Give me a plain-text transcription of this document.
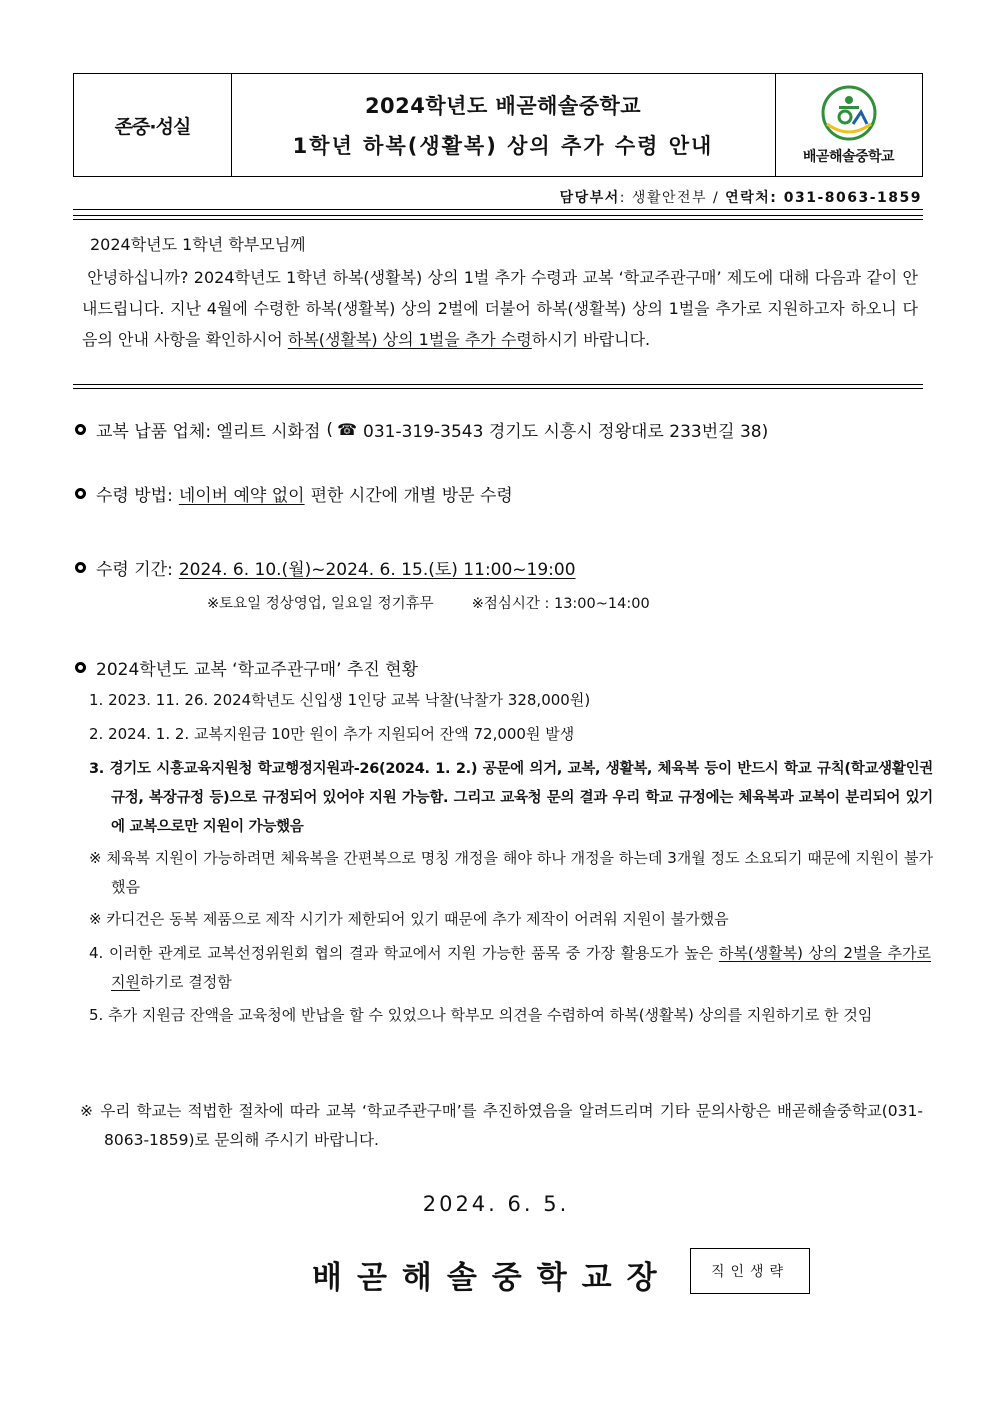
존중·성실
2024학년도 배곧해솔중학교
1학년 하복(생활복) 상의 추가 수령 안내	배곧해솔중학교
담당부서: 생활안전부 / 연락처: 031-8063-1859
2024학년도 1학년 학부모님께
안녕하십니까? 2024학년도 1학년 하복(생활복) 상의 1벌 추가 수령과 교복 ‘학교주관구매’ 제도에 대해 다음과 같이 안내드립니다. 지난 4월에 수령한 하복(생활복) 상의 2벌에 더불어 하복(생활복) 상의 1벌을 추가로 지원하고자 하오니 다음의 안내 사항을 확인하시어 하복(생활복) 상의 1벌을 추가 수령하시기 바랍니다.
교복 납품 업체: 엘리트 시화점 ( ☎ 031-319-3543 경기도 시흥시 정왕대로 233번길 38)
수령 방법: 네이버 예약 없이 편한 시간에 개별 방문 수령
수령 기간: 2024. 6. 10.(월)~2024. 6. 15.(토) 11:00~19:00
※토요일 정상영업, 일요일 정기휴무	※점심시간 : 13:00~14:00
2024학년도 교복 ‘학교주관구매’ 추진 현황
1. 2023. 11. 26. 2024학년도 신입생 1인당 교복 낙찰(낙찰가 328,000원)
2. 2024. 1. 2. 교복지원금 10만 원이 추가 지원되어 잔액 72,000원 발생
3. 경기도 시흥교육지원청 학교행정지원과-26(2024. 1. 2.) 공문에 의거, 교복, 생활복, 체육복 등이 반드시 학교 규칙(학교생활인권규정, 복장규정 등)으로 규정되어 있어야 지원 가능함. 그리고 교육청 문의 결과 우리 학교 규정에는 체육복과 교복이 분리되어 있기에 교복으로만 지원이 가능했음
※ 체육복 지원이 가능하려면 체육복을 간편복으로 명칭 개정을 해야 하나 개정을 하는데 3개월 정도 소요되기 때문에 지원이 불가했음
※ 카디건은 동복 제품으로 제작 시기가 제한되어 있기 때문에 추가 제작이 어려워 지원이 불가했음
4. 이러한 관계로 교복선정위원회 협의 결과 학교에서 지원 가능한 품목 중 가장 활용도가 높은 하복(생활복) 상의 2벌을 추가로 지원하기로 결정함
5. 추가 지원금 잔액을 교육청에 반납을 할 수 있었으나 학부모 의견을 수렴하여 하복(생활복) 상의를 지원하기로 한 것임
※ 우리 학교는 적법한 절차에 따라 교복 ‘학교주관구매’를 추진하였음을 알려드리며 기타 문의사항은 배곧해솔중학교(031-8063-1859)로 문의해 주시기 바랍니다.
2024. 6. 5.
배곧해솔중학교장	직인생략
